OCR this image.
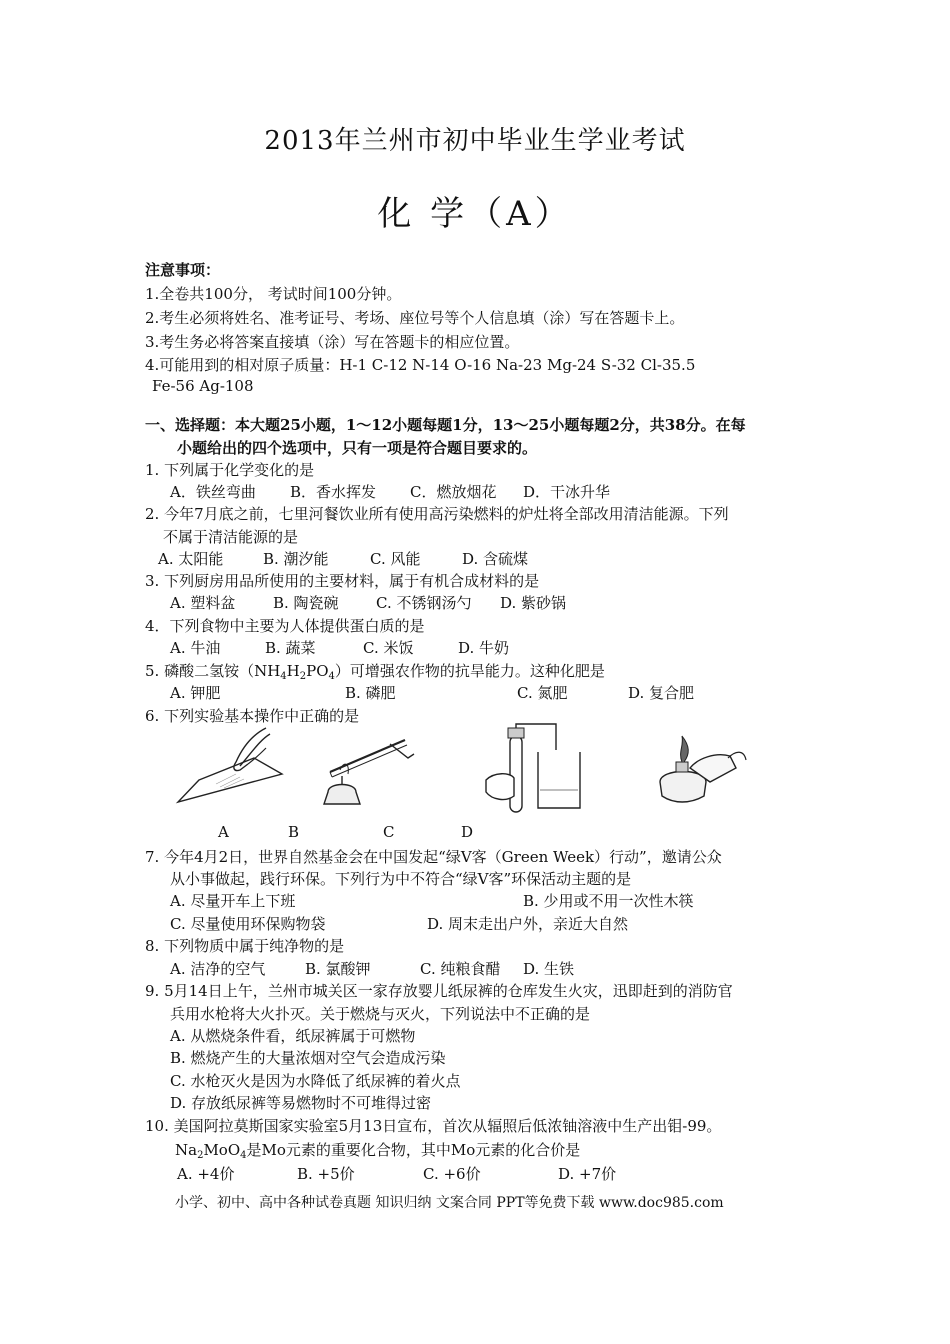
2013年兰州市初中毕业生学业考试
化 学（A）
注意事项：
1.全卷共100分， 考试时间100分钟。
2.考生必须将姓名、准考证号、考场、座位号等个人信息填（涂）写在答题卡上。
3.考生务必将答案直接填（涂）写在答题卡的相应位置。
4.可能用到的相对原子质量：H-1 C-12 N-14 O-16 Na-23 Mg-24 S-32 Cl-35.5
Fe-56 Ag-108
一、选择题：本大题25小题，1～12小题每题1分，13～25小题每题2分，共38分。在每
小题给出的四个选项中，只有一项是符合题目要求的。
1. 下列属于化学变化的是
A．铁丝弯曲 B．香水挥发 C．燃放烟花 D．干冰升华
2. 今年7月底之前，七里河餐饮业所有使用高污染燃料的炉灶将全部改用清洁能源。下列
不属于清洁能源的是
A. 太阳能	B. 潮汐能	C. 风能	D. 含硫煤
3. 下列厨房用品所使用的主要材料，属于有机合成材料的是
A. 塑料盆	B. 陶瓷碗 C. 不锈钢汤勺 D. 紫砂锅
4．下列食物中主要为人体提供蛋白质的是
A. 牛油	B. 蔬菜	C. 米饭	D. 牛奶
5. 磷酸二氢铵$(NH_4H_2PO_4)$可增强农作物的抗旱能力。这种化肥是
A. 钾肥	B. 磷肥	C. 氮肥	D. 复合肥
6. 下列实验基本操作中正确的是
A	B	C	D
7. 今年4月2日，世界自然基金会在中国发起“绿V客（Green Week）行动”，邀请公众
从小事做起，践行环保。下列行为中不符合“绿V客”环保活动主题的是
A. 尽量开车上下班	B. 少用或不用一次性木筷
C. 尽量使用环保购物袋	D. 周末走出户外，亲近大自然
8. 下列物质中属于纯净物的是
A. 洁净的空气	B. 氯酸钾	C. 纯粮食醋 D. 生铁
9. 5月14日上午，兰州市城关区一家存放婴儿纸尿裤的仓库发生火灾，迅即赶到的消防官
兵用水枪将大火扑灭。关于燃烧与灭火，下列说法中不正确的是
A. 从燃烧条件看，纸尿裤属于可燃物
B. 燃烧产生的大量浓烟对空气会造成污染
C. 水枪灭火是因为水降低了纸尿裤的着火点
D. 存放纸尿裤等易燃物时不可堆得过密
10. 美国阿拉莫斯国家实验室5月13日宣布，首次从辐照后低浓铀溶液中生产出钼-99。
$Na_2MoO_4$是Mo元素的重要化合物，其中Mo元素的化合价是
A. +4价	B. +5价	C. +6价	D. +7价
小学、初中、高中各种试卷真题 知识归纳 文案合同 PPT等免费下载 www.doc985.com
